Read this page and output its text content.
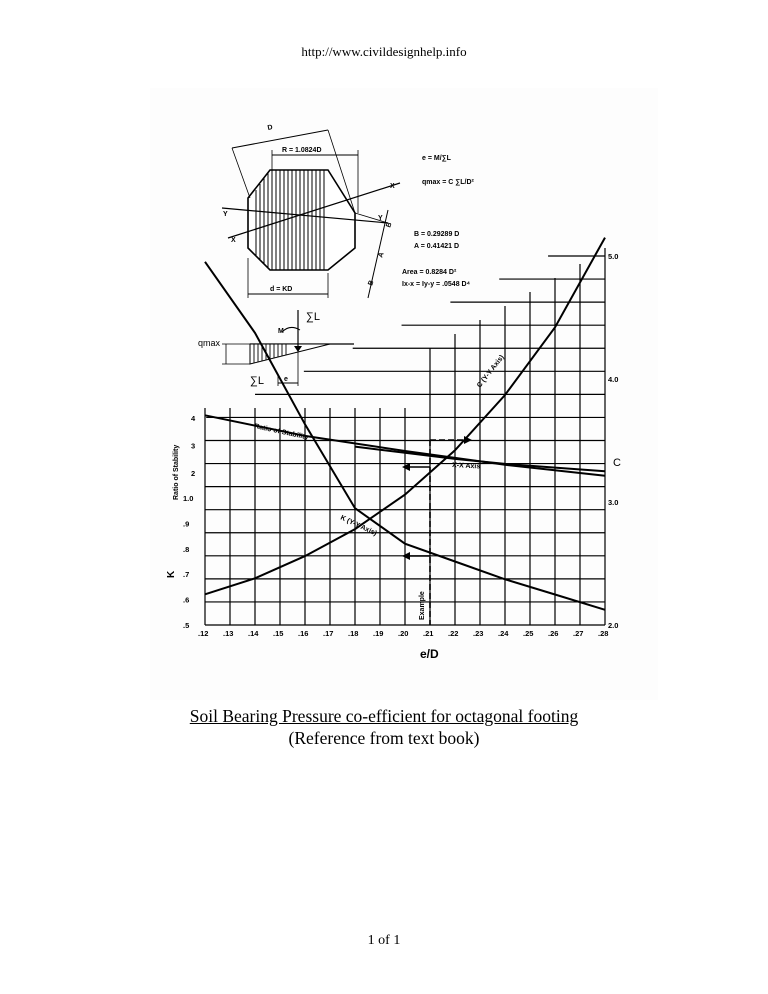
http://www.civildesignhelp.info
D
R = 1.0824D
d = KD
Y
X
X
Y
B
A
B
e = M/∑L
qmax = C ∑L/D²
B = 0.29289 D
A = 0.41421 D
Area = 0.8284 D²
Ix-x = Iy-y = .0548 D⁴
∑L
M
qmax
∑L	e	C (Y-Y Axis)
K (Y-Y Axis)
Ratio of Stability
X-X Axis
Example
e/D
K
Ratio of Stability	C
.12 .13 .14 .15 .16 .17 .18 .19 .20 .21 .22 .23 .24 .25 .26 .27 .28
.5
.6
.7
.8
.9
1.0
2
3
4
2.0
3.0
4.0
5.0
Soil Bearing Pressure co-efficient for octagonal footing
(Reference from text book)
1 of 1
